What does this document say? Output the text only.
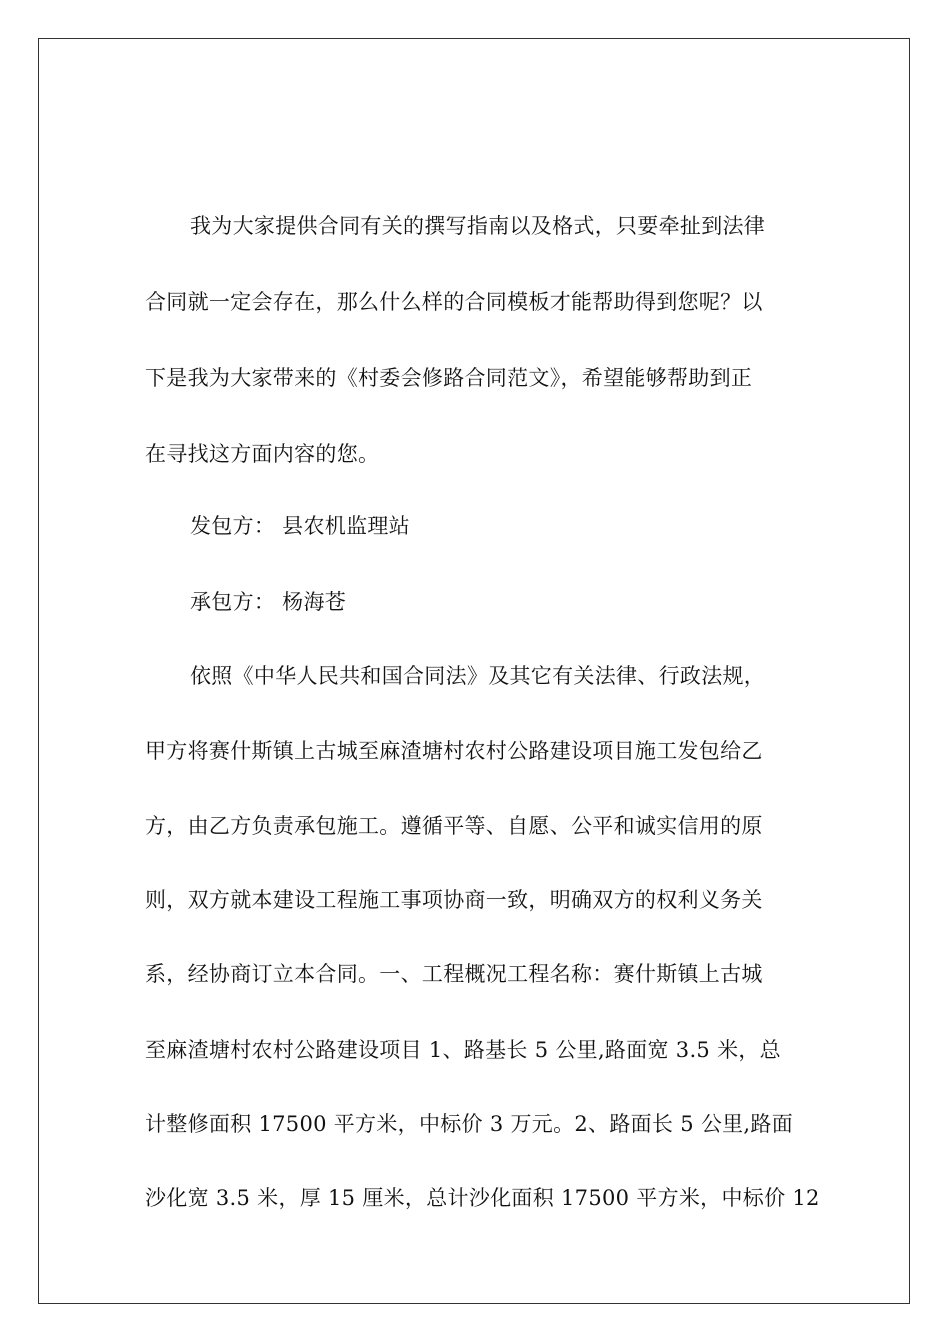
我为大家提供合同有关的撰写指南以及格式，只要牵扯到法律
合同就一定会存在，那么什么样的合同模板才能帮助得到您呢？以
下是我为大家带来的《村委会修路合同范文》，希望能够帮助到正
在寻找这方面内容的您。
发包方： 县农机监理站
承包方： 杨海苍
依照《中华人民共和国合同法》及其它有关法律、行政法规，
甲方将赛什斯镇上古城至麻渣塘村农村公路建设项目施工发包给乙
方，由乙方负责承包施工。遵循平等、自愿、公平和诚实信用的原
则，双方就本建设工程施工事项协商一致，明确双方的权利义务关
系，经协商订立本合同。一、工程概况工程名称：赛什斯镇上古城
至麻渣塘村农村公路建设项目 1、路基长 5 公里,路面宽 3.5 米，总
计整修面积 17500 平方米，中标价 3 万元。2、路面长 5 公里,路面
沙化宽 3.5 米，厚 15 厘米，总计沙化面积 17500 平方米，中标价 12
